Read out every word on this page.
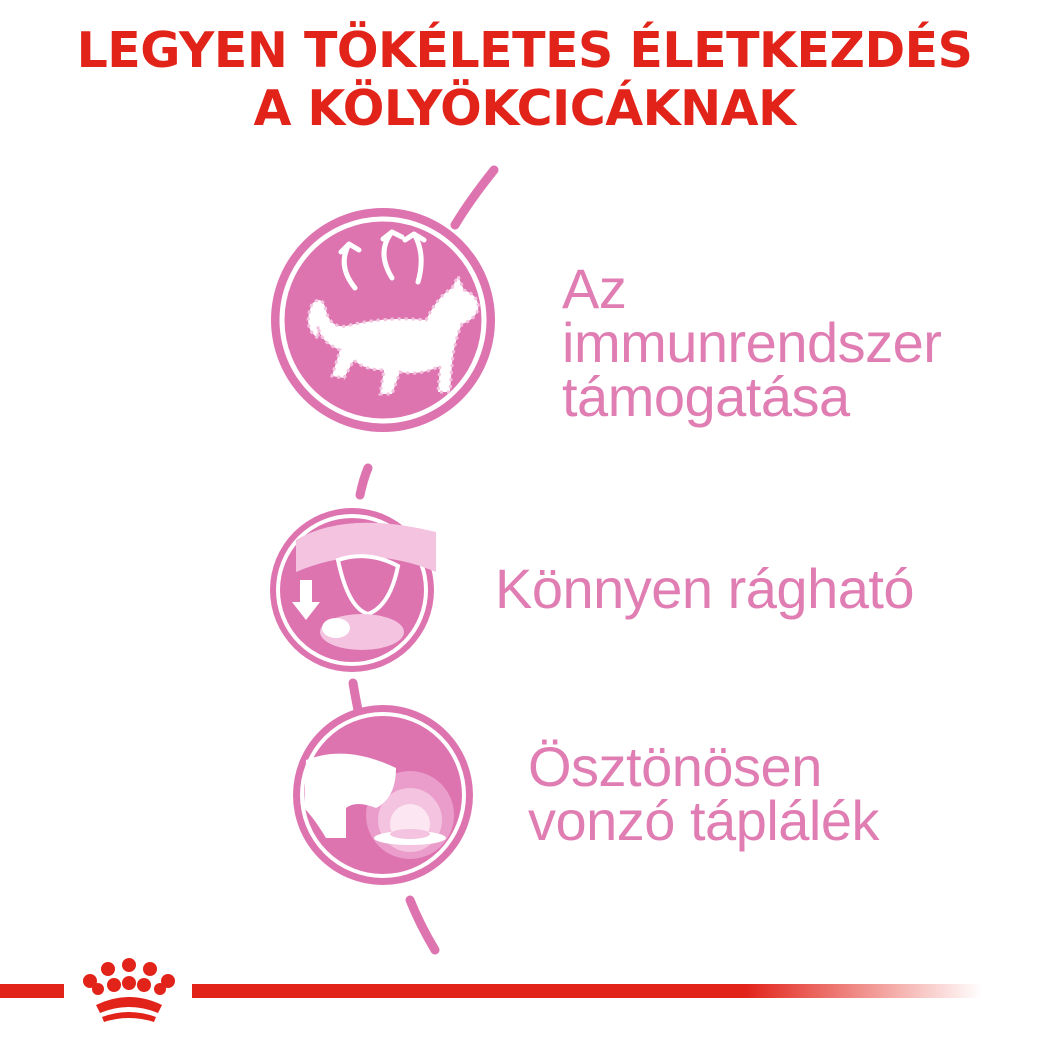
LEGYEN TÖKÉLETES ÉLETKEZDÉS
A KÖLYÖKCICÁKNAK
Az
immunrendszer
támogatása
Könnyen rágható
Ösztönösen
vonzó táplálék
